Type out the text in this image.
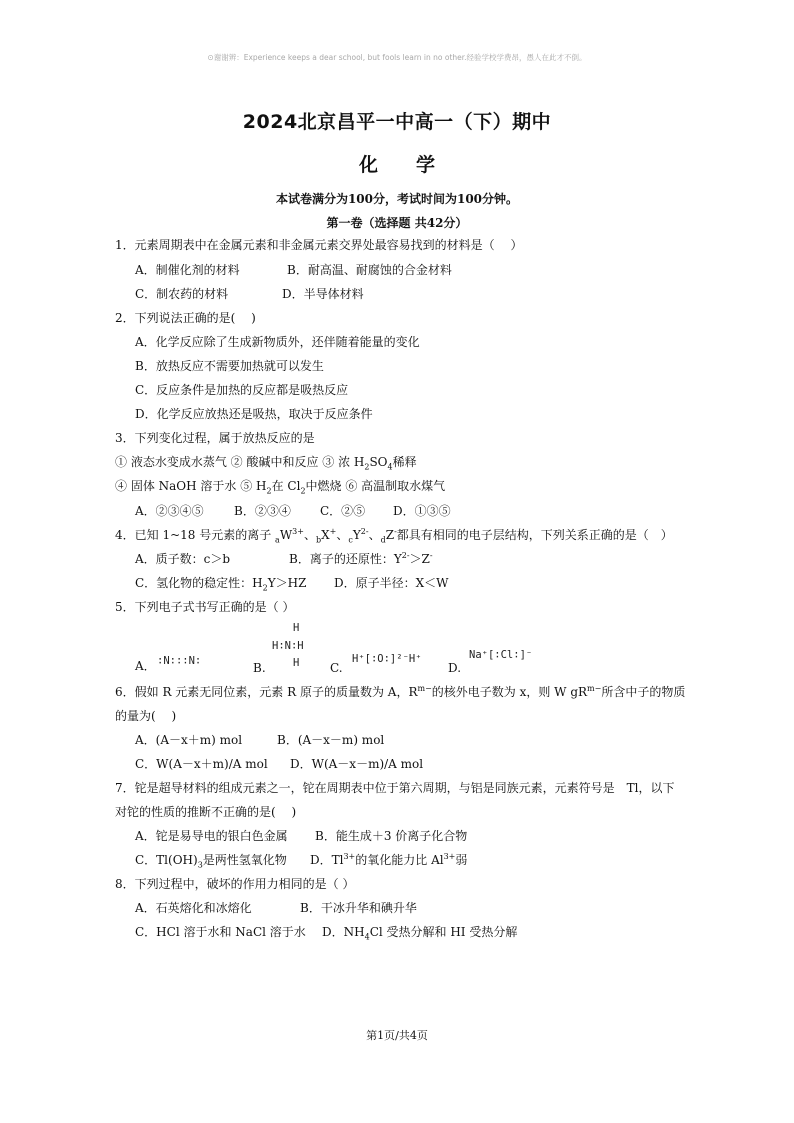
⊙谢谢辨：Experience keeps a dear school, but fools learn in no other.经验学校学费昂，愚人在此才不倒。
2024北京昌平一中高一（下）期中
化　　学
本试卷满分为100分，考试时间为100分钟。
第一卷（选择题 共42分）
1．元素周期表中在金属元素和非金属元素交界处最容易找到的材料是（　 ）
A．制催化剂的材料	B．耐高温、耐腐蚀的合金材料
C．制农药的材料	D．半导体材料
2．下列说法正确的是(　 )
A．化学反应除了生成新物质外，还伴随着能量的变化
B．放热反应不需要加热就可以发生
C．反应条件是加热的反应都是吸热反应
D．化学反应放热还是吸热，取决于反应条件
3．下列变化过程，属于放热反应的是
① 液态水变成水蒸气 ② 酸碱中和反应 ③ 浓 $H_2SO_4$稀释
④ 固体 NaOH 溶于水 ⑤ $H_2$在 $Cl_2$中燃烧 ⑥ 高温制取水煤气
A．②③④⑤	B．②③④ C．②⑤ D．①③⑤
4．已知 1~18 号元素的离子 $_aW^{3+}$、$_b$X+、$_cY^{2-}$、$_d$Z-都具有相同的电子层结构，下列关系正确的是（　）
A．质子数：c＞b	B．离子的还原性：$Y^{2-}>Z^-$
C．氢化物的稳定性：$H_2Y>HZ$ D．原子半径：X＜W
5．下列电子式书写正确的是（ ）
A． ∶N∶∶∶N∶	B.
H
H∶N∶H
H	C.
H⁺[∶O∶]²⁻H⁺
D.
Na⁺[∶Cl∶]⁻
6．假如 R 元素无同位素，元素 R 原子的质量数为 A，$R^{m-}$的核外电子数为 x，则 W $gR^{m-}$所含中子的物质
的量为(　 )
A．(A－x＋m) mol	B．(A－x－m) mol
C．W(A－x＋m)/A mol D．W(A－x－m)/A mol
7．铊是超导材料的组成元素之一，铊在周期表中位于第六周期，与铝是同族元素，元素符号是　Tl，以下
对铊的性质的推断不正确的是(　 )
A．铊是易导电的银白色金属 B．能生成＋3 价离子化合物
C．$Tl(OH)_3$是两性氢氧化物 D．$Tl^{3+}$的氧化能力比 $Al^{3+}$弱
8．下列过程中，破坏的作用力相同的是（ ）
A．石英熔化和冰熔化	B．干冰升华和碘升华
C．HCl 溶于水和 NaCl 溶于水 D．$NH_4Cl$ 受热分解和 HI 受热分解
第1页/共4页
